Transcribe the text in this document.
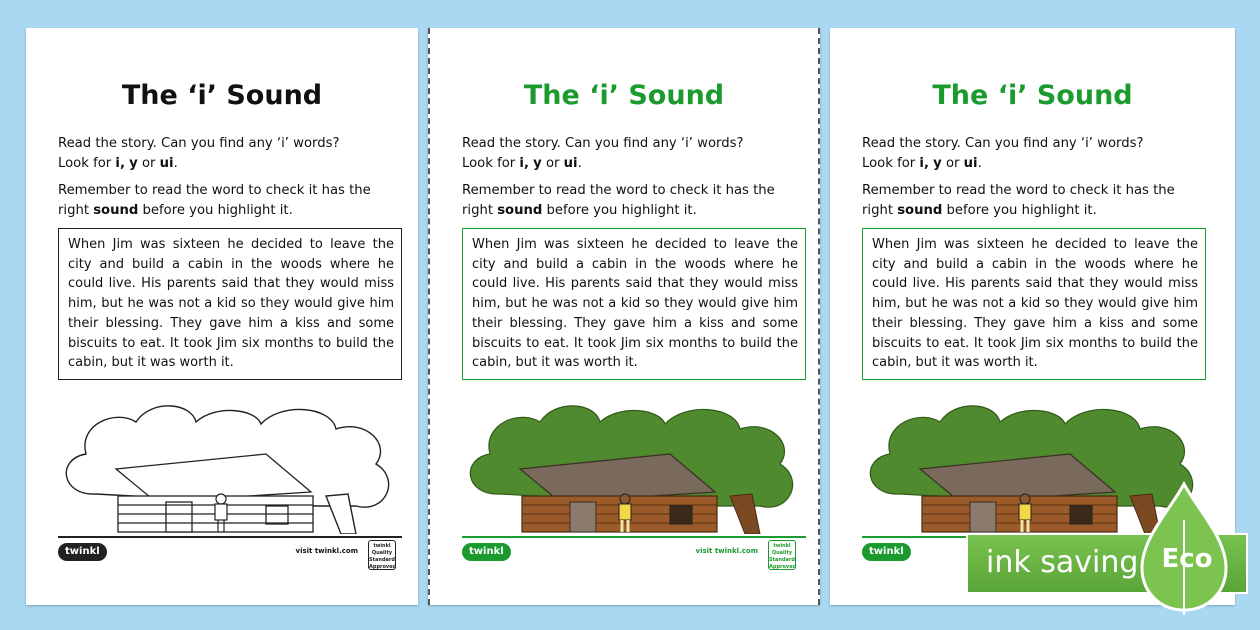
The ‘i’ Sound
Read the story. Can you find any ‘i’ words?
Look for i, y or ui.
Remember to read the word to check it has the right sound before you highlight it.
When Jim was sixteen he decided to leave the city and build a cabin in the woods where he could live. His parents said that they would miss him, but he was not a kid so they would give him their blessing. They gave him a kiss and some biscuits to eat. It took Jim six months to build the cabin, but it was worth it.
twinkl	visit twinkl.com
twinkl Quality Standard Approved
The ‘i’ Sound
Read the story. Can you find any ‘i’ words?
Look for i, y or ui.
Remember to read the word to check it has the right sound before you highlight it.
When Jim was sixteen he decided to leave the city and build a cabin in the woods where he could live. His parents said that they would miss him, but he was not a kid so they would give him their blessing. They gave him a kiss and some biscuits to eat. It took Jim six months to build the cabin, but it was worth it.
twinkl	visit twinkl.com
twinkl Quality Standard Approved
The ‘i’ Sound
Read the story. Can you find any ‘i’ words?
Look for i, y or ui.
Remember to read the word to check it has the right sound before you highlight it.
When Jim was sixteen he decided to leave the city and build a cabin in the woods where he could live. His parents said that they would miss him, but he was not a kid so they would give him their blessing. They gave him a kiss and some biscuits to eat. It took Jim six months to build the cabin, but it was worth it.
twinkl	ink saving Eco
